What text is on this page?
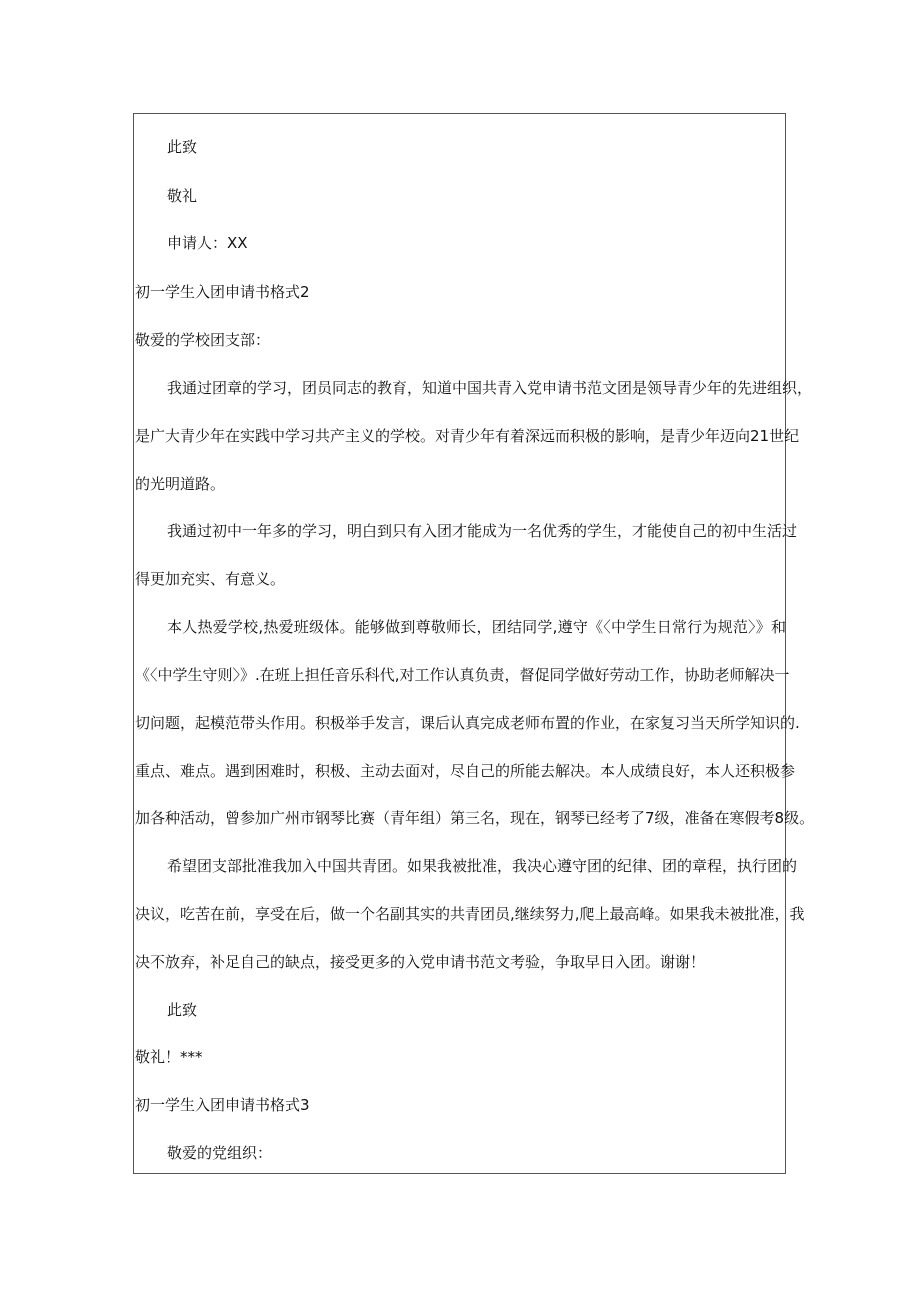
此致
敬礼
申请人：XX
初一学生入团申请书格式2
敬爱的学校团支部：
我通过团章的学习，团员同志的教育，知道中国共青入党申请书范文团是领导青少年的先进组织，
是广大青少年在实践中学习共产主义的学校。对青少年有着深远而积极的影响，是青少年迈向21世纪
的光明道路。
我通过初中一年多的学习，明白到只有入团才能成为一名优秀的学生，才能使自己的初中生活过
得更加充实、有意义。
本人热爱学校,热爱班级体。能够做到尊敬师长，团结同学,遵守《〈中学生日常行为规范〉》和
《〈中学生守则〉》.在班上担任音乐科代,对工作认真负责，督促同学做好劳动工作，协助老师解决一
切问题，起模范带头作用。积极举手发言，课后认真完成老师布置的作业，在家复习当天所学知识的.
重点、难点。遇到困难时，积极、主动去面对，尽自己的所能去解决。本人成绩良好，本人还积极参
加各种活动，曾参加广州市钢琴比赛（青年组）第三名，现在，钢琴已经考了7级，准备在寒假考8级。
希望团支部批准我加入中国共青团。如果我被批准，我决心遵守团的纪律、团的章程，执行团的
决议，吃苦在前，享受在后，做一个名副其实的共青团员,继续努力,爬上最高峰。如果我未被批准，我
决不放弃，补足自己的缺点，接受更多的入党申请书范文考验，争取早日入团。谢谢！
此致
敬礼！***
初一学生入团申请书格式3
敬爱的党组织：
